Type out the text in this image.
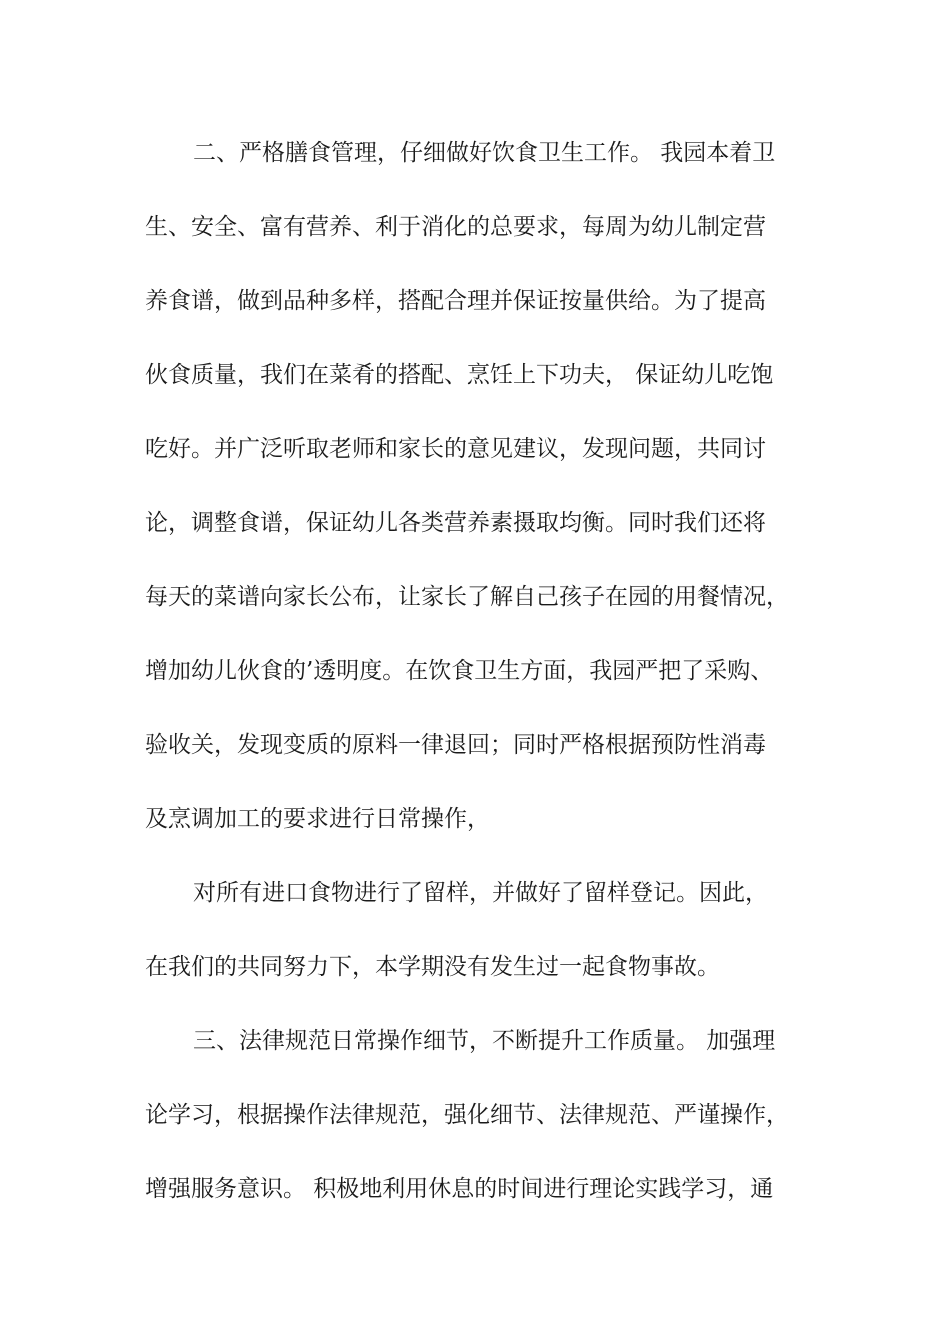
二、严格膳食管理，仔细做好饮食卫生工作。 我园本着卫
生、安全、富有营养、利于消化的总要求，每周为幼儿制定营
养食谱，做到品种多样，搭配合理并保证按量供给。为了提高
伙食质量，我们在菜肴的搭配、烹饪上下功夫， 保证幼儿吃饱
吃好。并广泛听取老师和家长的意见建议，发现问题，共同讨
论，调整食谱，保证幼儿各类营养素摄取均衡。同时我们还将
每天的菜谱向家长公布，让家长了解自己孩子在园的用餐情况，
增加幼儿伙食的’透明度。在饮食卫生方面，我园严把了采购、
验收关，发现变质的原料一律退回；同时严格根据预防性消毒
及烹调加工的要求进行日常操作，
对所有进口食物进行了留样，并做好了留样登记。因此，
在我们的共同努力下，本学期没有发生过一起食物事故。
三、法律规范日常操作细节，不断提升工作质量。 加强理
论学习，根据操作法律规范，强化细节、法律规范、严谨操作，
增强服务意识。 积极地利用休息的时间进行理论实践学习，通
